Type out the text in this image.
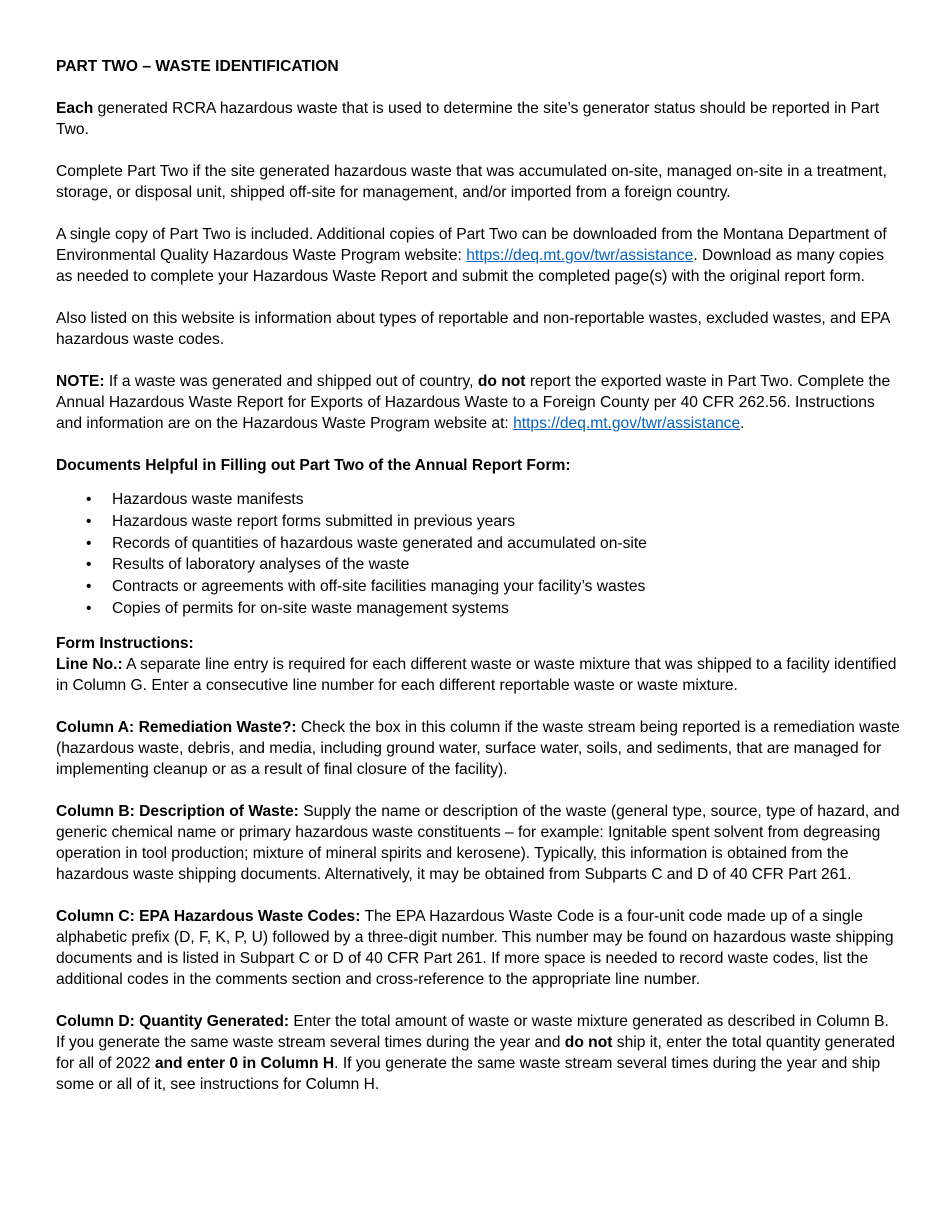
PART TWO – WASTE IDENTIFICATION

Each generated RCRA hazardous waste that is used to determine the site’s generator status should be reported in Part Two.

Complete Part Two if the site generated hazardous waste that was accumulated on-site, managed on-site in a treatment, storage, or disposal unit, shipped off-site for management, and/or imported from a foreign country.

A single copy of Part Two is included. Additional copies of Part Two can be downloaded from the Montana Department of Environmental Quality Hazardous Waste Program website: https://deq.mt.gov/twr/assistance. Download as many copies as needed to complete your Hazardous Waste Report and submit the completed page(s) with the original report form.

Also listed on this website is information about types of reportable and non-reportable wastes, excluded wastes, and EPA hazardous waste codes.

NOTE: If a waste was generated and shipped out of country, do not report the exported waste in Part Two. Complete the Annual Hazardous Waste Report for Exports of Hazardous Waste to a Foreign County per 40 CFR 262.56. Instructions and information are on the Hazardous Waste Program website at: https://deq.mt.gov/twr/assistance.

Documents Helpful in Filling out Part Two of the Annual Report Form:

• Hazardous waste manifests
• Hazardous waste report forms submitted in previous years
• Records of quantities of hazardous waste generated and accumulated on-site
• Results of laboratory analyses of the waste
• Contracts or agreements with off-site facilities managing your facility’s wastes
• Copies of permits for on-site waste management systems

Form Instructions:

Line No.: A separate line entry is required for each different waste or waste mixture that was shipped to a facility identified in Column G. Enter a consecutive line number for each different reportable waste or waste mixture.

Column A: Remediation Waste?: Check the box in this column if the waste stream being reported is a remediation waste (hazardous waste, debris, and media, including ground water, surface water, soils, and sediments, that are managed for implementing cleanup or as a result of final closure of the facility).

Column B: Description of Waste: Supply the name or description of the waste (general type, source, type of hazard, and generic chemical name or primary hazardous waste constituents – for example: Ignitable spent solvent from degreasing operation in tool production; mixture of mineral spirits and kerosene). Typically, this information is obtained from the hazardous waste shipping documents. Alternatively, it may be obtained from Subparts C and D of 40 CFR Part 261.

Column C: EPA Hazardous Waste Codes: The EPA Hazardous Waste Code is a four-unit code made up of a single alphabetic prefix (D, F, K, P, U) followed by a three-digit number. This number may be found on hazardous waste shipping documents and is listed in Subpart C or D of 40 CFR Part 261. If more space is needed to record waste codes, list the additional codes in the comments section and cross-reference to the appropriate line number.

Column D: Quantity Generated: Enter the total amount of waste or waste mixture generated as described in Column B. If you generate the same waste stream several times during the year and do not ship it, enter the total quantity generated for all of 2022 and enter 0 in Column H. If you generate the same waste stream several times during the year and ship some or all of it, see instructions for Column H.
